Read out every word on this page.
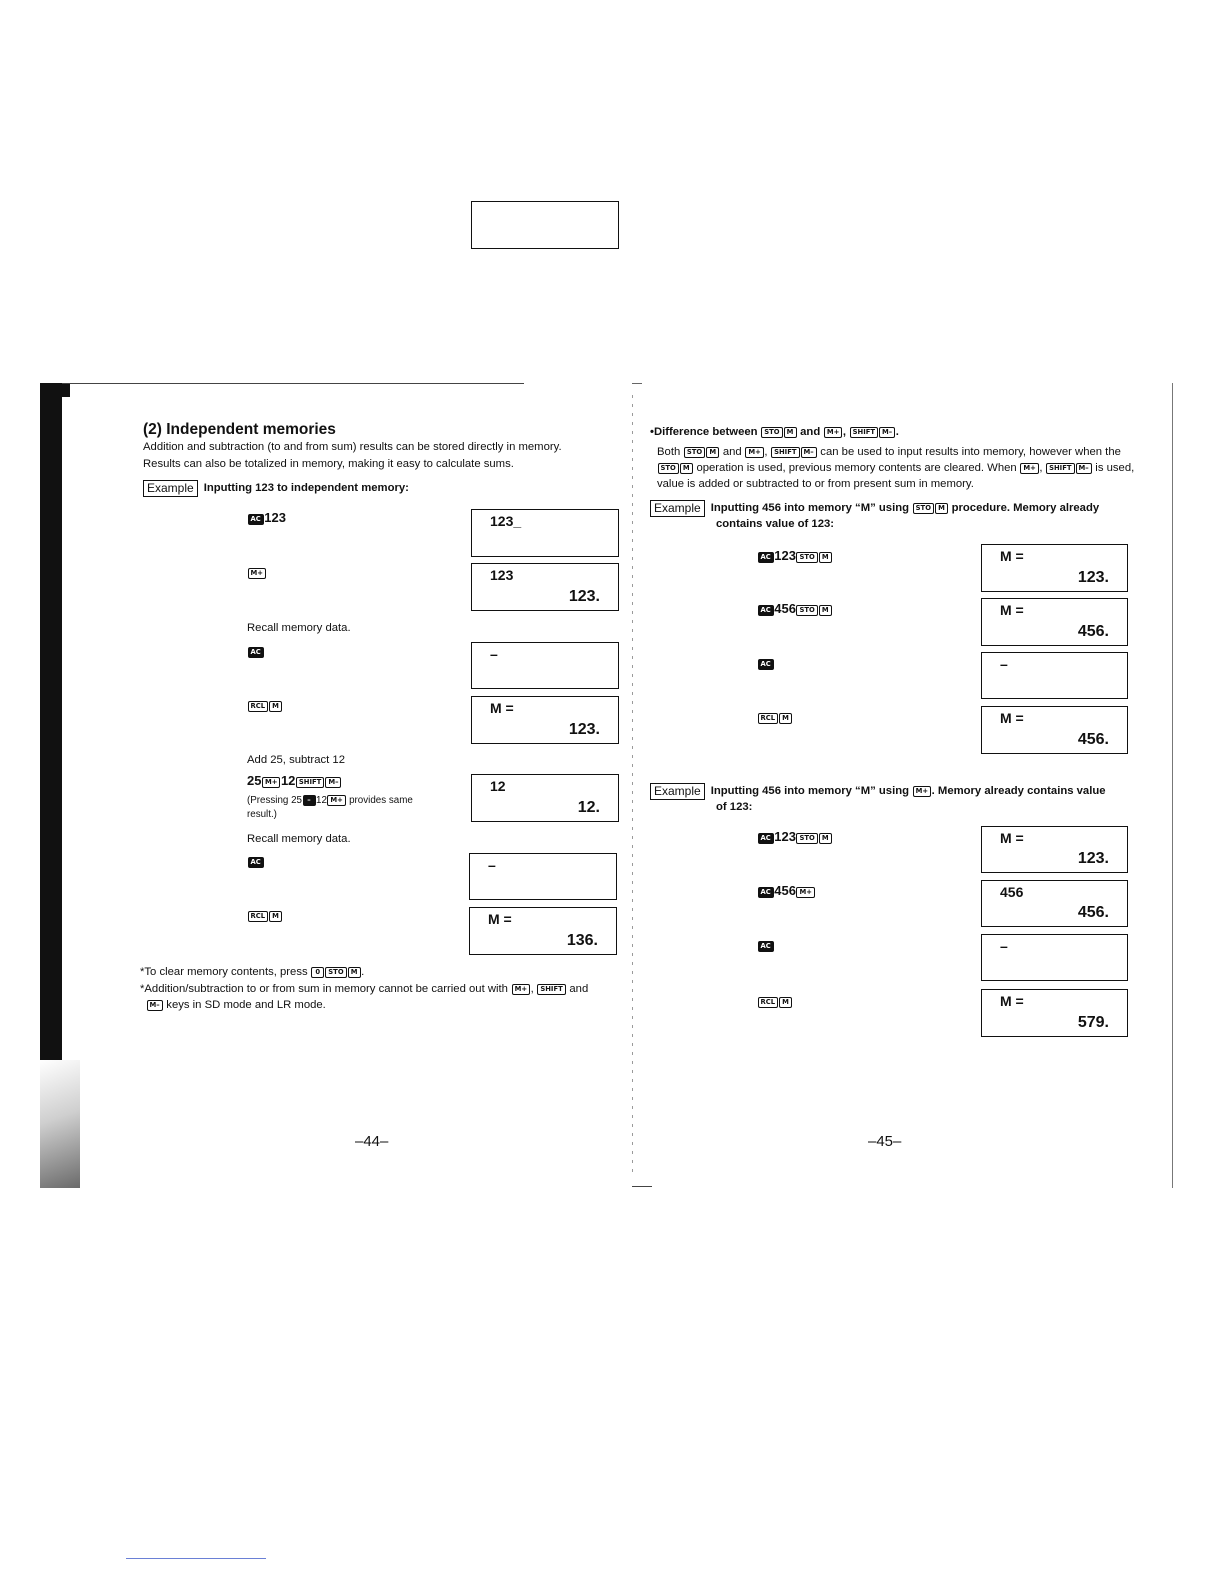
(2) Independent memories
Addition and subtraction (to and from sum) results can be stored directly in memory.
Results can also be totalized in memory, making it easy to calculate sums.
Example Inputting 123 to independent memory:
AC 123
M+
Recall memory data.
AC
RCL M
Add 25, subtract 12
25 M+ 12 SHIFT M–
(Pressing 25 – 12 M+ provides same
result.)
Recall memory data.
AC
RCL M
123_
123
123.
–
M =
123.
12
12.
–
M =
136.
*To clear memory contents, press 0 STO M .
*Addition/subtraction to or from sum in memory cannot be carried out with M+ , SHIFT and
M– keys in SD mode and LR mode.
–44–
•Difference between STO M and M+ , SHIFT M– .
Both STO M and M+ , SHIFT M– can be used to input results into memory, however when the
STO M operation is used, previous memory contents are cleared. When M+ , SHIFT M– is used,
value is added or subtracted to or from present sum in memory.
Example Inputting 456 into memory “M” using STO M procedure. Memory already
contains value of 123:
AC 123 STO M
AC 456 STO M
AC
RCL M
M =
123.
M =
456.
–
M =
456.
Example Inputting 456 into memory “M” using M+ . Memory already contains value
of 123:
AC 123 STO M
AC 456 M+
AC
RCL M
M =
123.
456
456.
–
M =
579.
–45–
